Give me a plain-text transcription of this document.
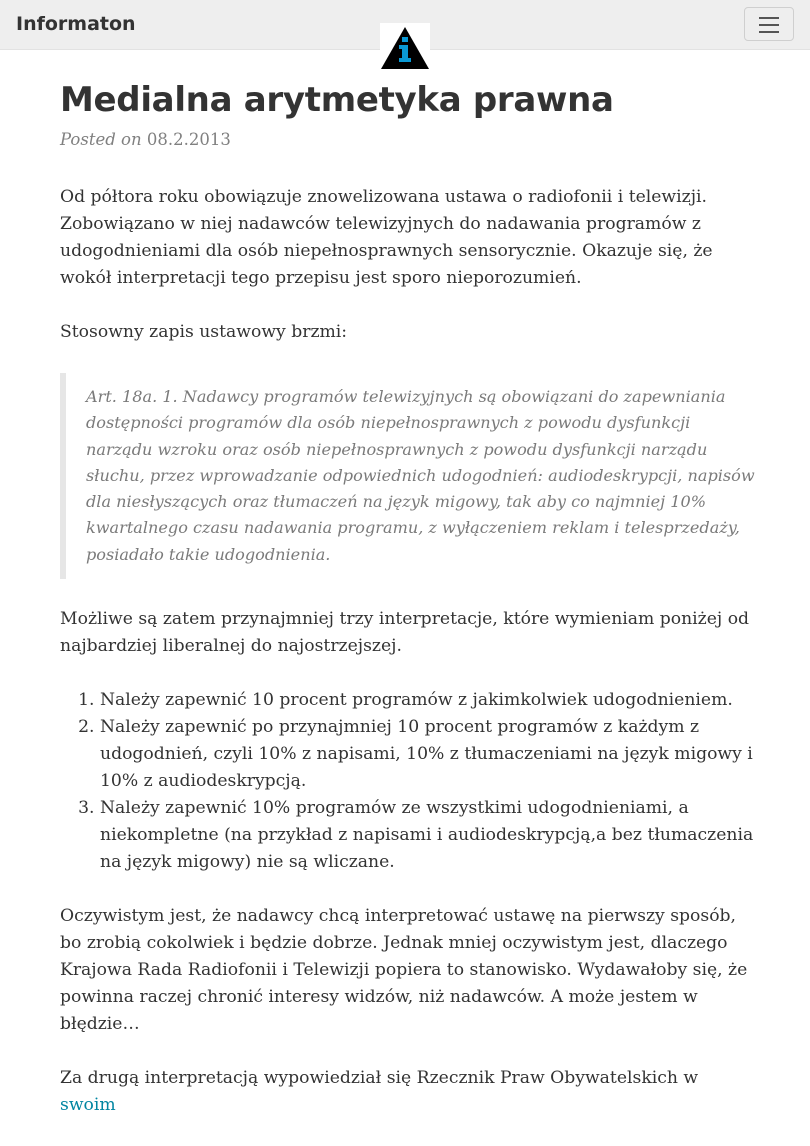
Informaton
Medialna arytmetyka prawna

Posted on 08.2.2013

Od półtora roku obowiązuje znowelizowana ustawa o radiofonii i telewizji. Zobowiązano w niej nadawców telewizyjnych do nadawania programów z udogodnieniami dla osób niepełnosprawnych sensorycznie. Okazuje się, że wokół interpretacji tego przepisu jest sporo nieporozumień.

Stosowny zapis ustawowy brzmi:

Art. 18a. 1. Nadawcy programów telewizyjnych są obowiązani do zapewniania dostępności programów dla osób niepełnosprawnych z powodu dysfunkcji narządu wzroku oraz osób niepełnosprawnych z powodu dysfunkcji narządu słuchu, przez wprowadzanie odpowiednich udogodnień: audiodeskrypcji, napisów dla niesłyszących oraz tłumaczeń na język migowy, tak aby co najmniej 10% kwartalnego czasu nadawania programu, z wyłączeniem reklam i telesprzedaży, posiadało takie udogodnienia.

Możliwe są zatem przynajmniej trzy interpretacje, które wymieniam poniżej od najbardziej liberalnej do najostrzejszej.

1. Należy zapewnić 10 procent programów z jakimkolwiek udogodnieniem.
2. Należy zapewnić po przynajmniej 10 procent programów z każdym z udogodnień, czyli 10% z napisami, 10% z tłumaczeniami na język migowy i 10% z audiodeskrypcją.
3. Należy zapewnić 10% programów ze wszystkimi udogodnieniami, a niekompletne (na przykład z napisami i audiodeskrypcją,a bez tłumaczenia na język migowy) nie są wliczane.

Oczywistym jest, że nadawcy chcą interpretować ustawę na pierwszy sposób, bo zrobią cokolwiek i będzie dobrze. Jednak mniej oczywistym jest, dlaczego Krajowa Rada Radiofonii i Telewizji popiera to stanowisko. Wydawałoby się, że powinna raczej chronić interesy widzów, niż nadawców. A może jestem w błędzie…

Za drugą interpretacją wypowiedział się Rzecznik Praw Obywatelskich w swoim
